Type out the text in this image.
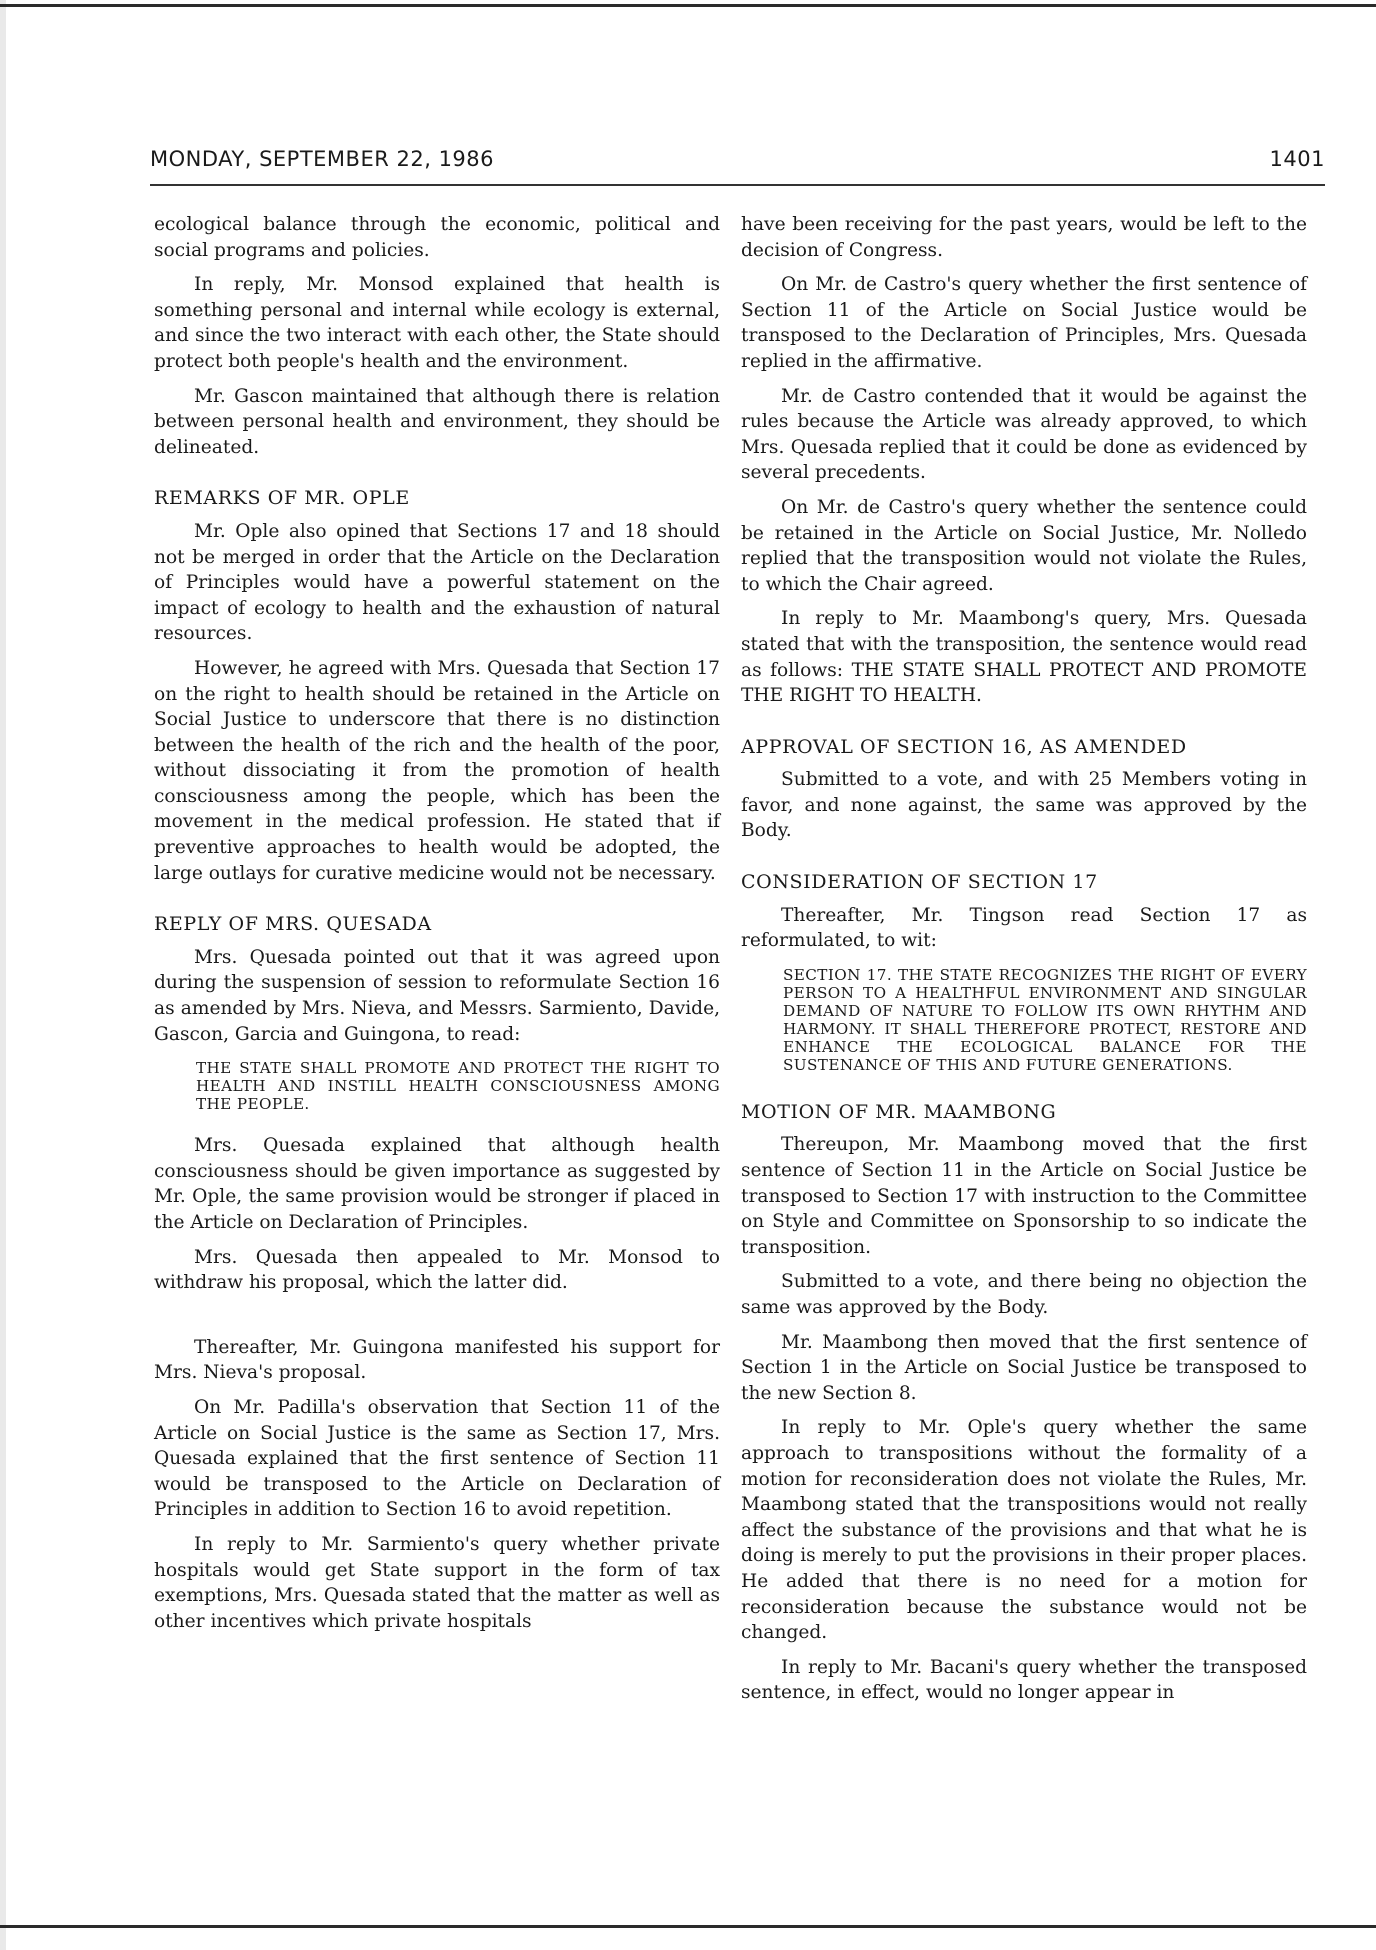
MONDAY, SEPTEMBER 22, 1986	1401

ecological balance through the economic, political and social programs and policies.

In reply, Mr. Monsod explained that health is something personal and internal while ecology is external, and since the two interact with each other, the State should protect both people's health and the environment.

Mr. Gascon maintained that although there is relation between personal health and environment, they should be delineated.

REMARKS OF MR. OPLE

Mr. Ople also opined that Sections 17 and 18 should not be merged in order that the Article on the Declaration of Principles would have a powerful statement on the impact of ecology to health and the exhaustion of natural resources.

However, he agreed with Mrs. Quesada that Section 17 on the right to health should be retained in the Article on Social Justice to underscore that there is no distinction between the health of the rich and the health of the poor, without dissociating it from the promotion of health consciousness among the people, which has been the movement in the medical profession. He stated that if preventive approaches to health would be adopted, the large outlays for curative medicine would not be necessary.

REPLY OF MRS. QUESADA

Mrs. Quesada pointed out that it was agreed upon during the suspension of session to reformulate Section 16 as amended by Mrs. Nieva, and Messrs. Sarmiento, Davide, Gascon, Garcia and Guingona, to read:

THE STATE SHALL PROMOTE AND PROTECT THE RIGHT TO HEALTH AND INSTILL HEALTH CONSCIOUSNESS AMONG THE PEOPLE.

Mrs. Quesada explained that although health consciousness should be given importance as suggested by Mr. Ople, the same provision would be stronger if placed in the Article on Declaration of Principles.

Mrs. Quesada then appealed to Mr. Monsod to withdraw his proposal, which the latter did.

Thereafter, Mr. Guingona manifested his support for Mrs. Nieva's proposal.

On Mr. Padilla's observation that Section 11 of the Article on Social Justice is the same as Section 17, Mrs. Quesada explained that the first sentence of Section 11 would be transposed to the Article on Declaration of Principles in addition to Section 16 to avoid repetition.

In reply to Mr. Sarmiento's query whether private hospitals would get State support in the form of tax exemptions, Mrs. Quesada stated that the matter as well as other incentives which private hospitals

have been receiving for the past years, would be left to the decision of Congress.

On Mr. de Castro's query whether the first sentence of Section 11 of the Article on Social Justice would be transposed to the Declaration of Principles, Mrs. Quesada replied in the affirmative.

Mr. de Castro contended that it would be against the rules because the Article was already approved, to which Mrs. Quesada replied that it could be done as evidenced by several precedents.

On Mr. de Castro's query whether the sentence could be retained in the Article on Social Justice, Mr. Nolledo replied that the transposition would not violate the Rules, to which the Chair agreed.

In reply to Mr. Maambong's query, Mrs. Quesada stated that with the transposition, the sentence would read as follows: THE STATE SHALL PROTECT AND PROMOTE THE RIGHT TO HEALTH.

APPROVAL OF SECTION 16, AS AMENDED

Submitted to a vote, and with 25 Members voting in favor, and none against, the same was approved by the Body.

CONSIDERATION OF SECTION 17

Thereafter, Mr. Tingson read Section 17 as reformulated, to wit:

SECTION 17. THE STATE RECOGNIZES THE RIGHT OF EVERY PERSON TO A HEALTHFUL ENVIRONMENT AND SINGULAR DEMAND OF NATURE TO FOLLOW ITS OWN RHYTHM AND HARMONY. IT SHALL THEREFORE PROTECT, RESTORE AND ENHANCE THE ECOLOGICAL BALANCE FOR THE SUSTENANCE OF THIS AND FUTURE GENERATIONS.
MOTION OF MR. MAAMBONG

Thereupon, Mr. Maambong moved that the first sentence of Section 11 in the Article on Social Justice be transposed to Section 17 with instruction to the Committee on Style and Committee on Sponsorship to so indicate the transposition.

Submitted to a vote, and there being no objection the same was approved by the Body.

Mr. Maambong then moved that the first sentence of Section 1 in the Article on Social Justice be transposed to the new Section 8.

In reply to Mr. Ople's query whether the same approach to transpositions without the formality of a motion for reconsideration does not violate the Rules, Mr. Maambong stated that the transpositions would not really affect the substance of the provisions and that what he is doing is merely to put the provisions in their proper places. He added that there is no need for a motion for reconsideration because the substance would not be changed.

In reply to Mr. Bacani's query whether the transposed sentence, in effect, would no longer appear in
